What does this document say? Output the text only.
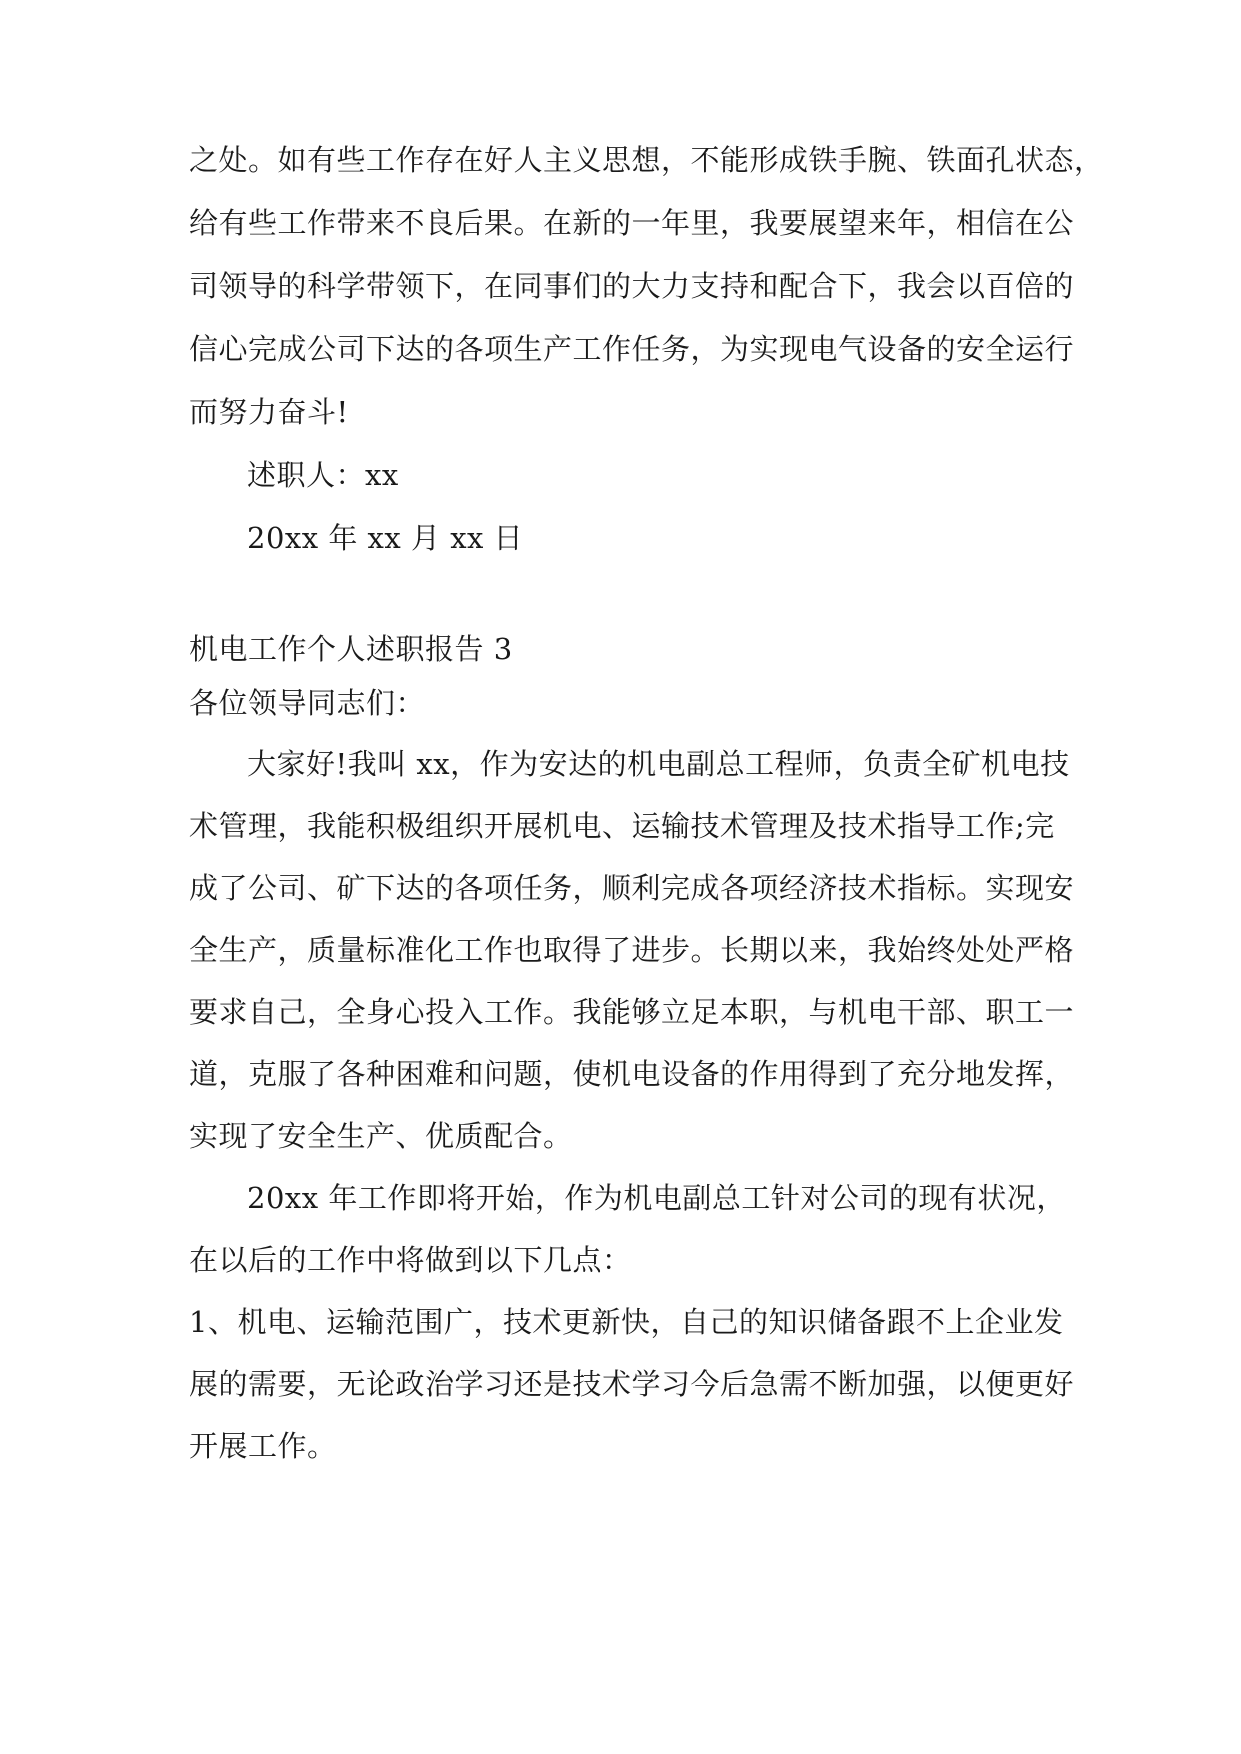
之处。如有些工作存在好人主义思想，不能形成铁手腕、铁面孔状态，
给有些工作带来不良后果。在新的一年里，我要展望来年，相信在公
司领导的科学带领下，在同事们的大力支持和配合下，我会以百倍的
信心完成公司下达的各项生产工作任务，为实现电气设备的安全运行
而努力奋斗!
述职人：xx
20xx 年 xx 月 xx 日
机电工作个人述职报告 3
各位领导同志们：
大家好!我叫 xx，作为安达的机电副总工程师，负责全矿机电技
术管理，我能积极组织开展机电、运输技术管理及技术指导工作;完
成了公司、矿下达的各项任务，顺利完成各项经济技术指标。实现安
全生产，质量标准化工作也取得了进步。长期以来，我始终处处严格
要求自己，全身心投入工作。我能够立足本职，与机电干部、职工一
道，克服了各种困难和问题，使机电设备的作用得到了充分地发挥，
实现了安全生产、优质配合。
20xx 年工作即将开始，作为机电副总工针对公司的现有状况，
在以后的工作中将做到以下几点：
1、机电、运输范围广，技术更新快，自己的知识储备跟不上企业发
展的需要，无论政治学习还是技术学习今后急需不断加强，以便更好
开展工作。
